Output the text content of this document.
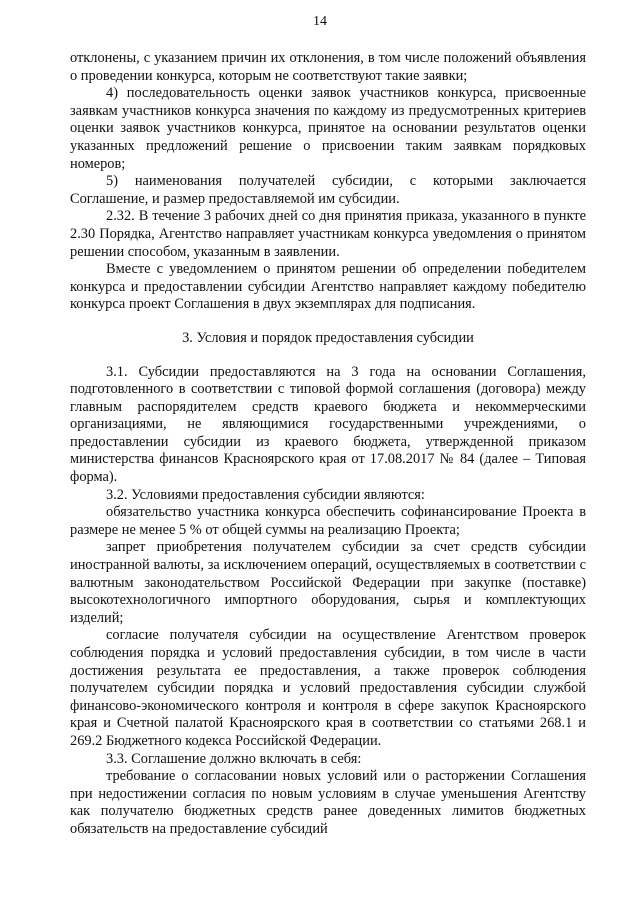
14

отклонены, с указанием причин их отклонения, в том числе положений объявления о проведении конкурса, которым не соответствуют такие заявки;

4) последовательность оценки заявок участников конкурса, присвоенные заявкам участников конкурса значения по каждому из предусмотренных критериев оценки заявок участников конкурса, принятое на основании результатов оценки указанных предложений решение о присвоении таким заявкам порядковых номеров;

5) наименования получателей субсидии, с которыми заключается Соглашение, и размер предоставляемой им субсидии.

2.32. В течение 3 рабочих дней со дня принятия приказа, указанного в пункте 2.30 Порядка, Агентство направляет участникам конкурса уведомления о принятом решении способом, указанным в заявлении.

Вместе с уведомлением о принятом решении об определении победителем конкурса и предоставлении субсидии Агентство направляет каждому победителю конкурса проект Соглашения в двух экземплярах для подписания.

3. Условия и порядок предоставления субсидии

3.1. Субсидии предоставляются на 3 года на основании Соглашения, подготовленного в соответствии с типовой формой соглашения (договора) между главным распорядителем средств краевого бюджета и некоммерческими организациями, не являющимися государственными учреждениями, о предоставлении субсидии из краевого бюджета, утвержденной приказом министерства финансов Красноярского края от 17.08.2017 № 84 (далее – Типовая форма).

3.2. Условиями предоставления субсидии являются:

обязательство участника конкурса обеспечить софинансирование Проекта в размере не менее 5 % от общей суммы на реализацию Проекта;

запрет приобретения получателем субсидии за счет средств субсидии иностранной валюты, за исключением операций, осуществляемых в соответствии с валютным законодательством Российской Федерации при закупке (поставке) высокотехнологичного импортного оборудования, сырья и комплектующих изделий;

согласие получателя субсидии на осуществление Агентством проверок соблюдения порядка и условий предоставления субсидии, в том числе в части достижения результата ее предоставления, а также проверок соблюдения получателем субсидии порядка и условий предоставления субсидии службой финансово-экономического контроля и контроля в сфере закупок Красноярского края и Счетной палатой Красноярского края в соответствии со статьями 268.1 и 269.2 Бюджетного кодекса Российской Федерации.

3.3. Соглашение должно включать в себя:

требование о согласовании новых условий или о расторжении Соглашения при недостижении согласия по новым условиям в случае уменьшения Агентству как получателю бюджетных средств ранее доведенных лимитов бюджетных обязательств на предоставление субсидий
